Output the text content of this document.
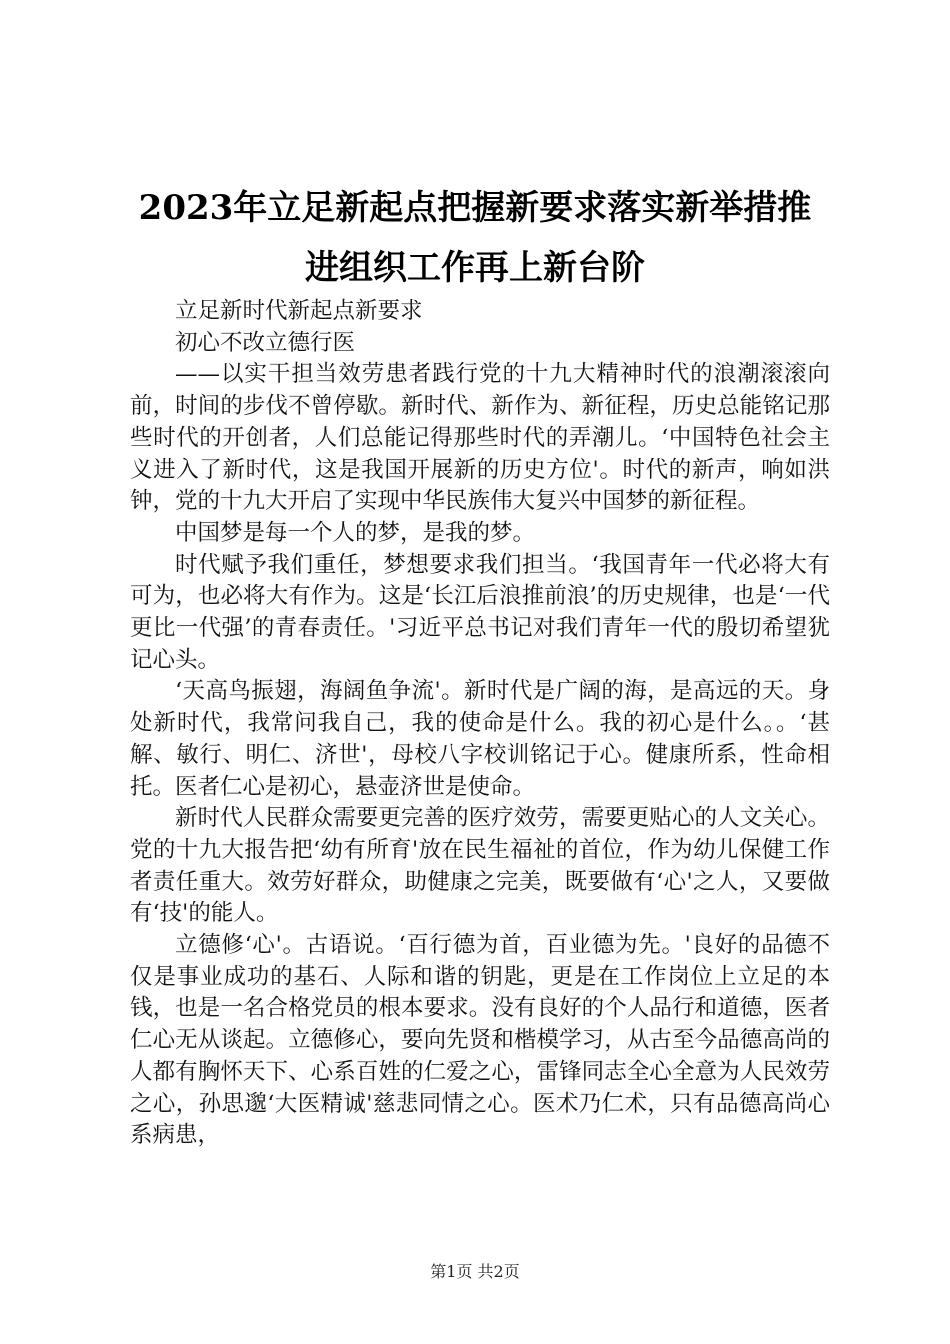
2023年立足新起点把握新要求落实新举措推
进组织工作再上新台阶

立足新时代新起点新要求

初心不改立德行医

——以实干担当效劳患者践行党的十九大精神时代的浪潮滚滚向前，时间的步伐不曾停歇。新时代、新作为、新征程，历史总能铭记那些时代的开创者，人们总能记得那些时代的弄潮儿。‘中国特色社会主义进入了新时代，这是我国开展新的历史方位'。时代的新声，响如洪钟，党的十九大开启了实现中华民族伟大复兴中国梦的新征程。

中国梦是每一个人的梦，是我的梦。

时代赋予我们重任，梦想要求我们担当。‘我国青年一代必将大有可为，也必将大有作为。这是‘长江后浪推前浪’的历史规律，也是‘一代更比一代强’的青春责任。'习近平总书记对我们青年一代的殷切希望犹记心头。

‘天高鸟振翅，海阔鱼争流'。新时代是广阔的海，是高远的天。身处新时代，我常问我自己，我的使命是什么。我的初心是什么。。‘甚解、敏行、明仁、济世'，母校八字校训铭记于心。健康所系，性命相托。医者仁心是初心，悬壶济世是使命。

新时代人民群众需要更完善的医疗效劳，需要更贴心的人文关心。党的十九大报告把‘幼有所育'放在民生福祉的首位，作为幼儿保健工作者责任重大。效劳好群众，助健康之完美，既要做有‘心'之人，又要做有‘技'的能人。

立德修‘心'。古语说。‘百行德为首，百业德为先。'良好的品德不仅是事业成功的基石、人际和谐的钥匙，更是在工作岗位上立足的本钱，也是一名合格党员的根本要求。没有良好的个人品行和道德，医者仁心无从谈起。立德修心，要向先贤和楷模学习，从古至今品德高尚的人都有胸怀天下、心系百姓的仁爱之心，雷锋同志全心全意为人民效劳之心，孙思邈‘大医精诚'慈悲同情之心。医术乃仁术，只有品德高尚心系病患，

第1页 共2页
